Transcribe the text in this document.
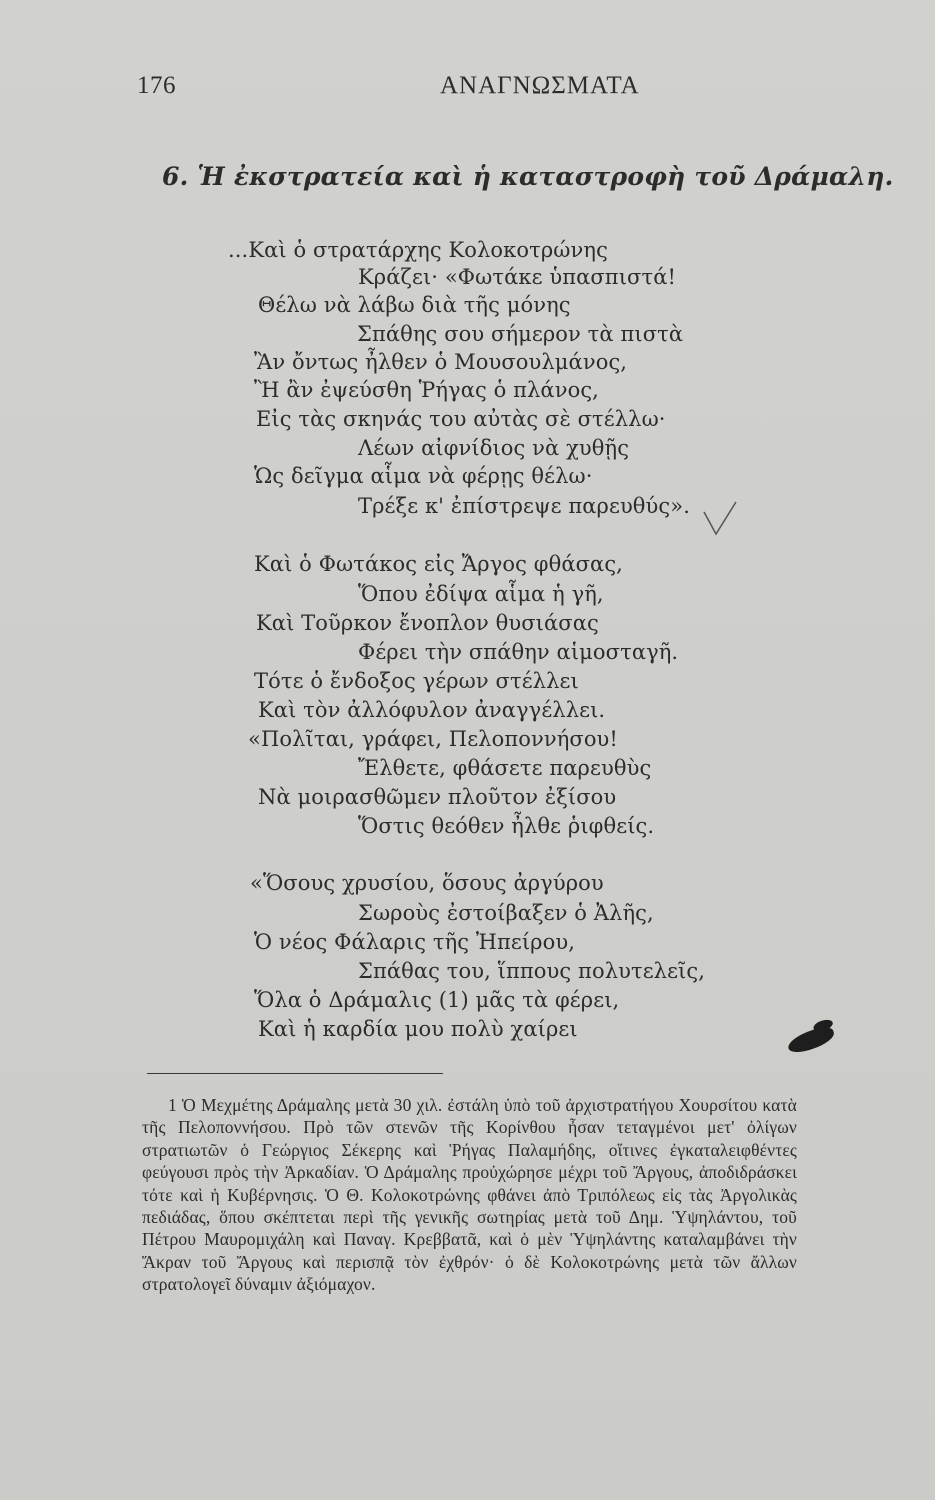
176	ΑΝΑΓΝΩΣΜΑΤΑ
6. Ἡ ἐκστρατεία καὶ ἡ καταστροφὴ τοῦ Δράμαλη.
...Καὶ ὁ στρατάρχης Κολοκοτρώνης
Κράζει· «Φωτάκε ὑπασπιστά!
Θέλω νὰ λάβω διὰ τῆς μόνης
Σπάθης σου σήμερον τὰ πιστὰ
Ἂν ὄντως ἦλθεν ὁ Μουσουλμάνος,
Ἢ ἂν ἐψεύσθη Ῥήγας ὁ πλάνος,
Εἰς τὰς σκηνάς του αὐτὰς σὲ στέλλω·
Λέων αἰφνίδιος νὰ χυθῇς
Ὡς δεῖγμα αἷμα νὰ φέρῃς θέλω·
Τρέξε κ' ἐπίστρεψε παρευθύς».
Καὶ ὁ Φωτάκος εἰς Ἄργος φθάσας,
Ὅπου ἐδίψα αἷμα ἡ γῆ,
Καὶ Τοῦρκον ἔνοπλον θυσιάσας
Φέρει τὴν σπάθην αἱμοσταγῆ.
Τότε ὁ ἔνδοξος γέρων στέλλει
Καὶ τὸν ἀλλόφυλον ἀναγγέλλει.
«Πολῖται, γράφει, Πελοποννήσου!
Ἔλθετε, φθάσετε παρευθὺς
Νὰ μοιρασθῶμεν πλοῦτον ἐξίσου
Ὅστις θεόθεν ἦλθε ῥιφθείς.
«Ὅσους χρυσίου, ὅσους ἀργύρου
Σωροὺς ἐστοίβαξεν ὁ Ἀλῆς,
Ὁ νέος Φάλαρις τῆς Ἠπείρου,
Σπάθας του, ἵππους πολυτελεῖς,
Ὅλα ὁ Δράμαλις (1) μᾶς τὰ φέρει,
Καὶ ἡ καρδία μου πολὺ χαίρει
1 Ὁ Μεχμέτης Δράμαλης μετὰ 30 χιλ. ἐστάλη ὑπὸ τοῦ ἀρχιστρατήγου Χουρσίτου κατὰ τῆς Πελοποννήσου. Πρὸ τῶν στενῶν τῆς Κορίνθου ἦσαν τεταγμένοι μετ' ὀλίγων στρατιωτῶν ὁ Γεώργιος Σέκερης καὶ Ῥήγας Παλαμήδης, οἵτινες ἐγκαταλειφθέντες φεύγουσι πρὸς τὴν Ἀρκαδίαν. Ὁ Δράμαλης προὐχώρησε μέχρι τοῦ Ἄργους, ἀποδιδράσκει τότε καὶ ἡ Κυβέρνησις. Ὁ Θ. Κολοκοτρώνης φθάνει ἀπὸ Τριπόλεως εἰς τὰς Ἀργολικὰς πεδιάδας, ὅπου σκέπτεται περὶ τῆς γενικῆς σωτηρίας μετὰ τοῦ Δημ. Ὑψηλάντου, τοῦ Πέτρου Μαυρομιχάλη καὶ Παναγ. Κρεββατᾶ, καὶ ὁ μὲν Ὑψηλάντης καταλαμβάνει τὴν Ἄκραν τοῦ Ἄργους καὶ περισπᾷ τὸν ἐχθρόν· ὁ δὲ Κολοκοτρώνης μετὰ τῶν ἄλλων στρατολογεῖ δύναμιν ἀξιόμαχον.
